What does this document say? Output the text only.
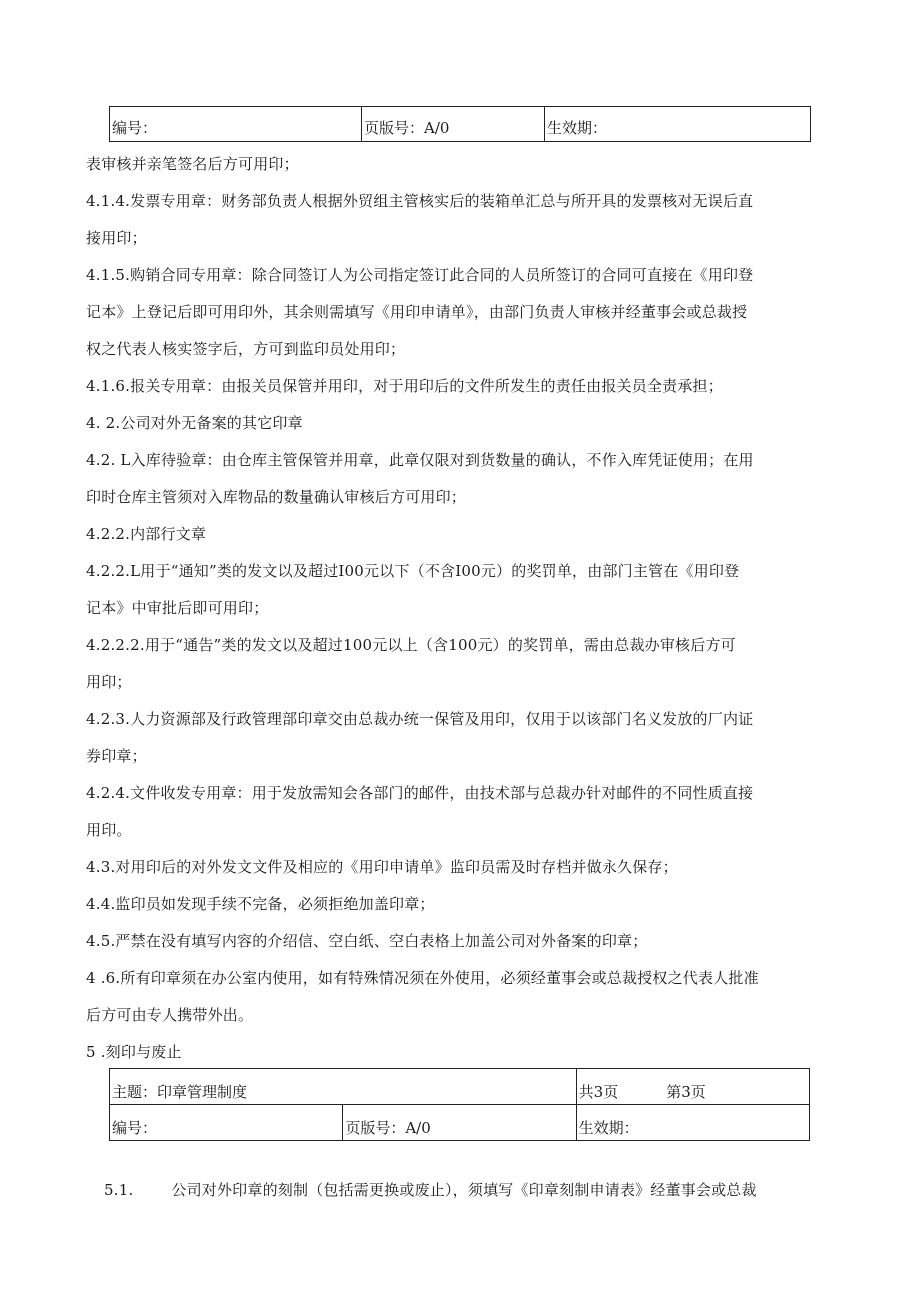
编号：	页版号：A/0	生效期：
表审核并亲笔签名后方可用印；
4.1.4.发票专用章：财务部负责人根据外贸组主管核实后的装箱单汇总与所开具的发票核对无误后直
接用印；
4.1.5.购销合同专用章：除合同签订人为公司指定签订此合同的人员所签订的合同可直接在《用印登
记本》上登记后即可用印外，其余则需填写《用印申请单》，由部门负责人审核并经董事会或总裁授
权之代表人核实签字后，方可到监印员处用印；
4.1.6.报关专用章：由报关员保管并用印，对于用印后的文件所发生的责任由报关员全责承担；
4. 2.公司对外无备案的其它印章
4.2. L入库待验章：由仓库主管保管并用章，此章仅限对到货数量的确认，不作入库凭证使用；在用
印时仓库主管须对入库物品的数量确认审核后方可用印；
4.2.2.内部行文章
4.2.2.L用于“通知”类的发文以及超过I00元以下（不含I00元）的奖罚单，由部门主管在《用印登
记本》中审批后即可用印；
4.2.2.2.用于“通告”类的发文以及超过100元以上（含100元）的奖罚单，需由总裁办审核后方可
用印；
4.2.3.人力资源部及行政管理部印章交由总裁办统一保管及用印，仅用于以该部门名义发放的厂内证
券印章；
4.2.4.文件收发专用章：用于发放需知会各部门的邮件，由技术部与总裁办针对邮件的不同性质直接
用印。
4.3.对用印后的对外发文文件及相应的《用印申请单》监印员需及时存档并做永久保存；
4.4.监印员如发现手续不完备，必须拒绝加盖印章；
4.5.严禁在没有填写内容的介绍信、空白纸、空白表格上加盖公司对外备案的印章；
4 .6.所有印章须在办公室内使用，如有特殊情况须在外使用，必须经董事会或总裁授权之代表人批准
后方可由专人携带外出。
5 .刻印与废止
主题：印章管理制度		共3页 第3页
编号：	页版号：A/0	生效期：
5.1.	公司对外印章的刻制（包括需更换或废止），须填写《印章刻制申请表》经董事会或总裁
